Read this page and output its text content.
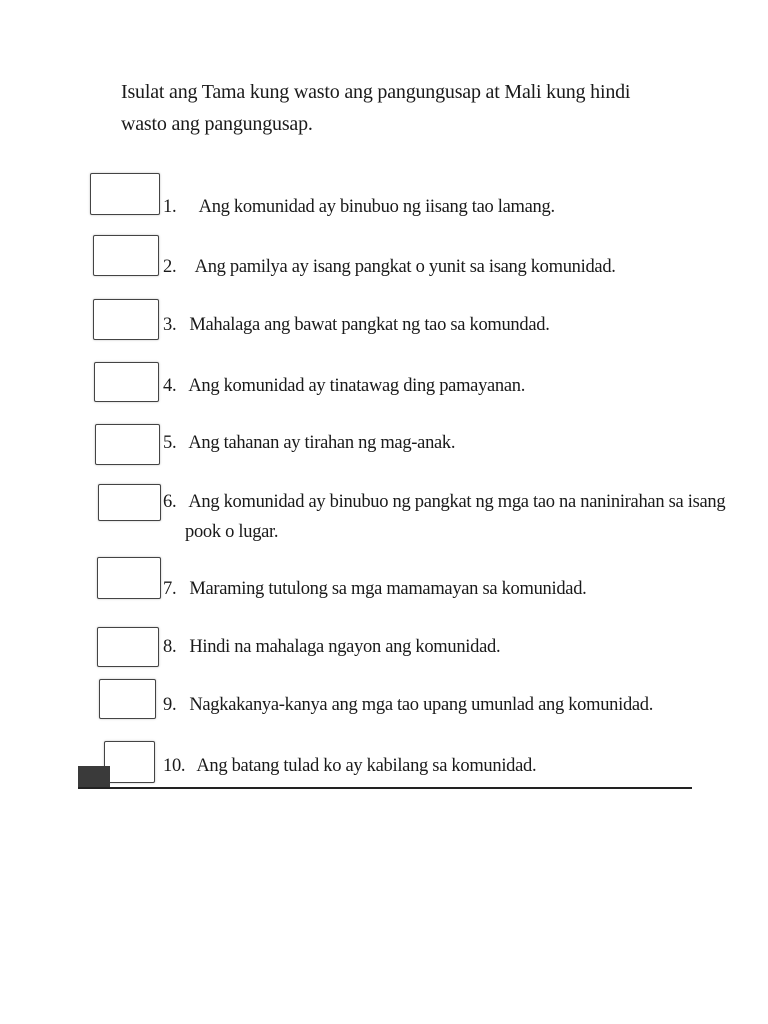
Isulat ang Tama kung wasto ang pangungusap at Mali kung hindi wasto ang pangungusap.
1. Ang komunidad ay binubuo ng iisang tao lamang.
2. Ang pamilya ay isang pangkat o yunit sa isang komunidad.
3. Mahalaga ang bawat pangkat ng tao sa komundad.
4. Ang komunidad ay tinatawag ding pamayanan.
5. Ang tahanan ay tirahan ng mag-anak.
6. Ang komunidad ay binubuo ng pangkat ng mga tao na naninirahan sa isang
pook o lugar.
7. Maraming tutulong sa mga mamamayan sa komunidad.
8. Hindi na mahalaga ngayon ang komunidad.
9. Nagkakanya-kanya ang mga tao upang umunlad ang komunidad.
10. Ang batang tulad ko ay kabilang sa komunidad.
